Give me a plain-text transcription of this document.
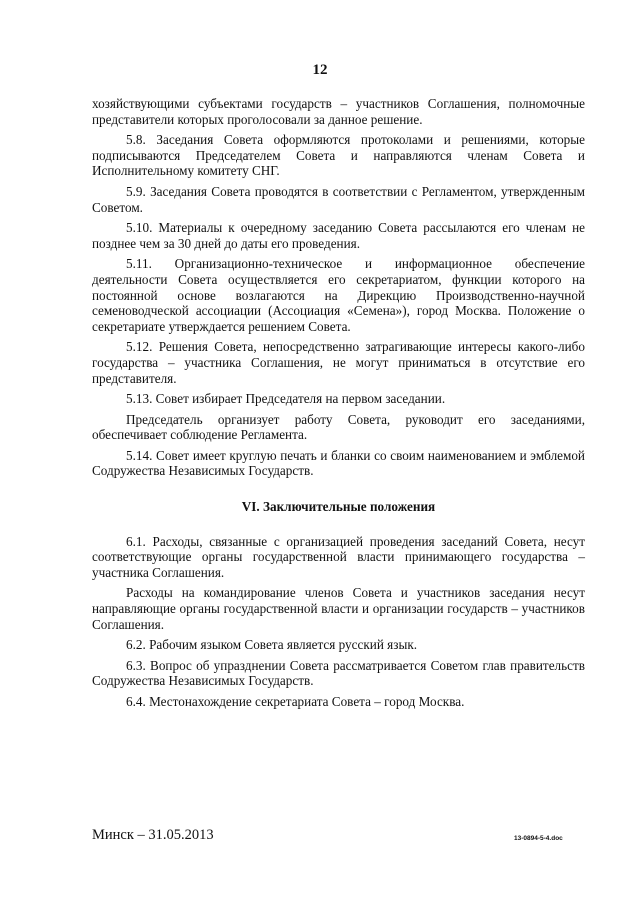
12

хозяйствующими субъектами государств – участников Соглашения, полномочные представители которых проголосовали за данное решение.

5.8. Заседания Совета оформляются протоколами и решениями, которые подписываются Председателем Совета и направляются членам Совета и Исполнительному комитету СНГ.

5.9. Заседания Совета проводятся в соответствии с Регламентом, утвержденным Советом.

5.10. Материалы к очередному заседанию Совета рассылаются его членам не позднее чем за 30 дней до даты его проведения.

5.11. Организационно-техническое и информационное обеспечение деятельности Совета осуществляется его секретариатом, функции которого на постоянной основе возлагаются на Дирекцию Производственно-научной семеноводческой ассоциации (Ассоциация «Семена»), город Москва. Положение о секретариате утверждается решением Совета.

5.12. Решения Совета, непосредственно затрагивающие интересы какого-либо государства – участника Соглашения, не могут приниматься в отсутствие его представителя.

5.13. Совет избирает Председателя на первом заседании.

Председатель организует работу Совета, руководит его заседаниями, обеспечивает соблюдение Регламента.

5.14. Совет имеет круглую печать и бланки со своим наименованием и эмблемой Содружества Независимых Государств.

VI. Заключительные положения

6.1. Расходы, связанные с организацией проведения заседаний Совета, несут соответствующие органы государственной власти принимающего государства – участника Соглашения.

Расходы на командирование членов Совета и участников заседания несут направляющие органы государственной власти и организации государств – участников Соглашения.

6.2. Рабочим языком Совета является русский язык.

6.3. Вопрос об упразднении Совета рассматривается Советом глав правительств Содружества Независимых Государств.

6.4. Местонахождение секретариата Совета – город Москва.

Минск – 31.05.2013	13-0894-5-4.doc
